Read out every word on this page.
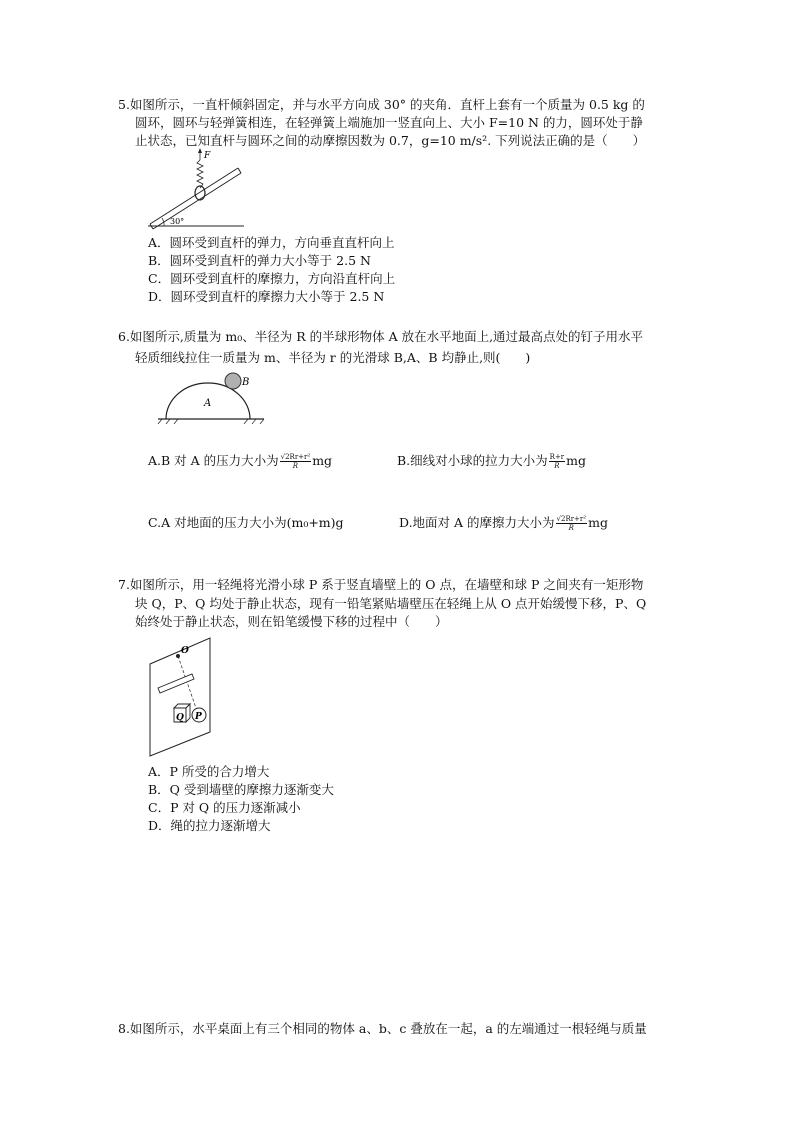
5.如图所示，一直杆倾斜固定，并与水平方向成 30° 的夹角．直杆上套有一个质量为 0.5 kg 的
圆环，圆环与轻弹簧相连，在轻弹簧上端施加一竖直向上、大小 F=10 N 的力，圆环处于静
止状态，已知直杆与圆环之间的动摩擦因数为 0.7，g=10 m/s². 下列说法正确的是（　　）
F
30°
A．圆环受到直杆的弹力，方向垂直直杆向上
B．圆环受到直杆的弹力大小等于 2.5 N
C．圆环受到直杆的摩擦力，方向沿直杆向上
D．圆环受到直杆的摩擦力大小等于 2.5 N
6.如图所示,质量为 m₀、半径为 R 的半球形物体 A 放在水平地面上,通过最高点处的钉子用水平
轻质细线拉住一质量为 m、半径为 r 的光滑球 B,A、B 均静止,则(　　)
A
B
A.B 对 A 的压力大小为 $\frac{\text{√2Rr+r²}}{R}$ mg	B.细线对小球的拉力大小为 $\frac{R+r}{R}$ mg
C.A 对地面的压力大小为(m₀+m)g	D.地面对 A 的摩擦力大小为 $\frac{\text{√2Rr+r²}}{R}$ mg
7.如图所示，用一轻绳将光滑小球 P 系于竖直墙壁上的 O 点，在墙壁和球 P 之间夹有一矩形物
块 Q，P、Q 均处于静止状态，现有一铅笔紧贴墙壁压在轻绳上从 O 点开始缓慢下移，P、Q
始终处于静止状态，则在铅笔缓慢下移的过程中（　　）
O
Q P
A．P 所受的合力增大
B．Q 受到墙壁的摩擦力逐渐变大
C．P 对 Q 的压力逐渐减小
D．绳的拉力逐渐增大
8.如图所示，水平桌面上有三个相同的物体 a、b、c 叠放在一起，a 的左端通过一根轻绳与质量
